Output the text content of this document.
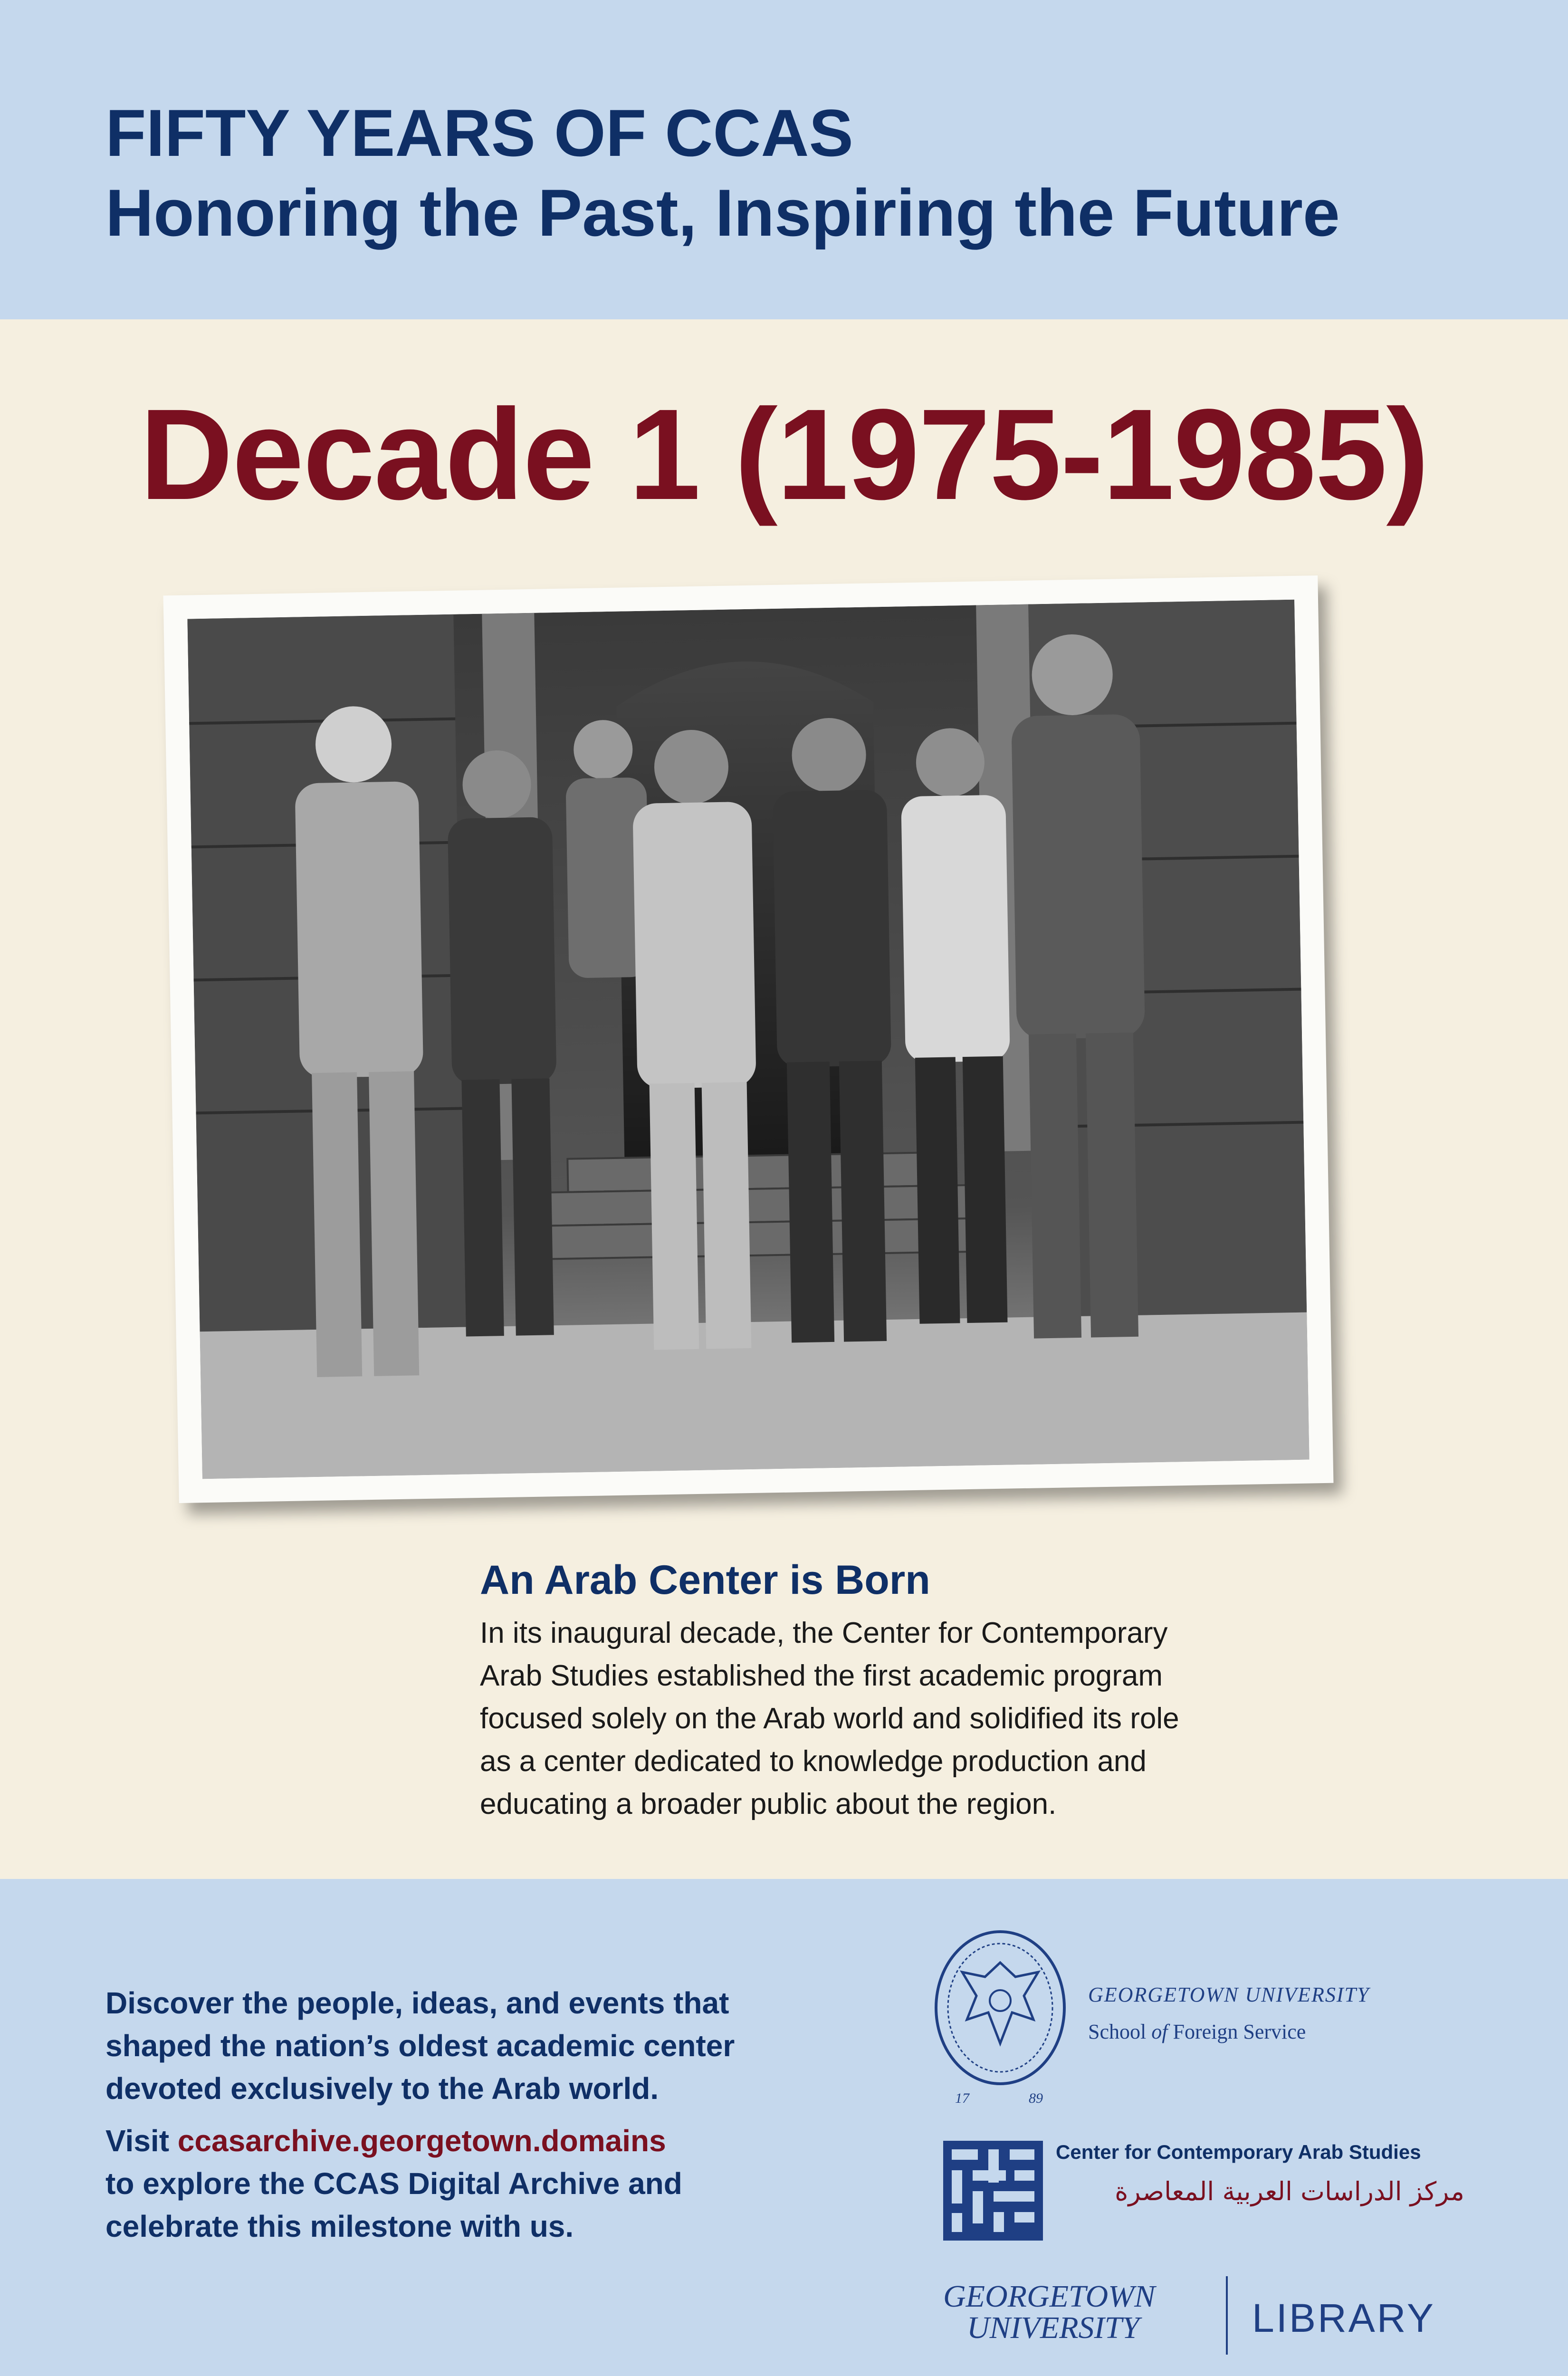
FIFTY YEARS OF CCAS
Honoring the Past, Inspiring the Future
Decade 1 (1975-1985)
An Arab Center is Born
In its inaugural decade, the Center for Contemporary
Arab Studies established the first academic program
focused solely on the Arab world and solidified its role
as a center dedicated to knowledge production and
educating a broader public about the region.
Discover the people, ideas, and events that
shaped the nation’s oldest academic center
devoted exclusively to the Arab world.
Visit ccasarchive.georgetown.domains
to explore the CCAS Digital Archive and
celebrate this milestone with us.
17	89
GEORGETOWN UNIVERSITY
School of Foreign Service
Center for Contemporary Arab Studies
مركز الدراسات العربية المعاصرة
GEORGETOWN
UNIVERSITY	LIBRARY
